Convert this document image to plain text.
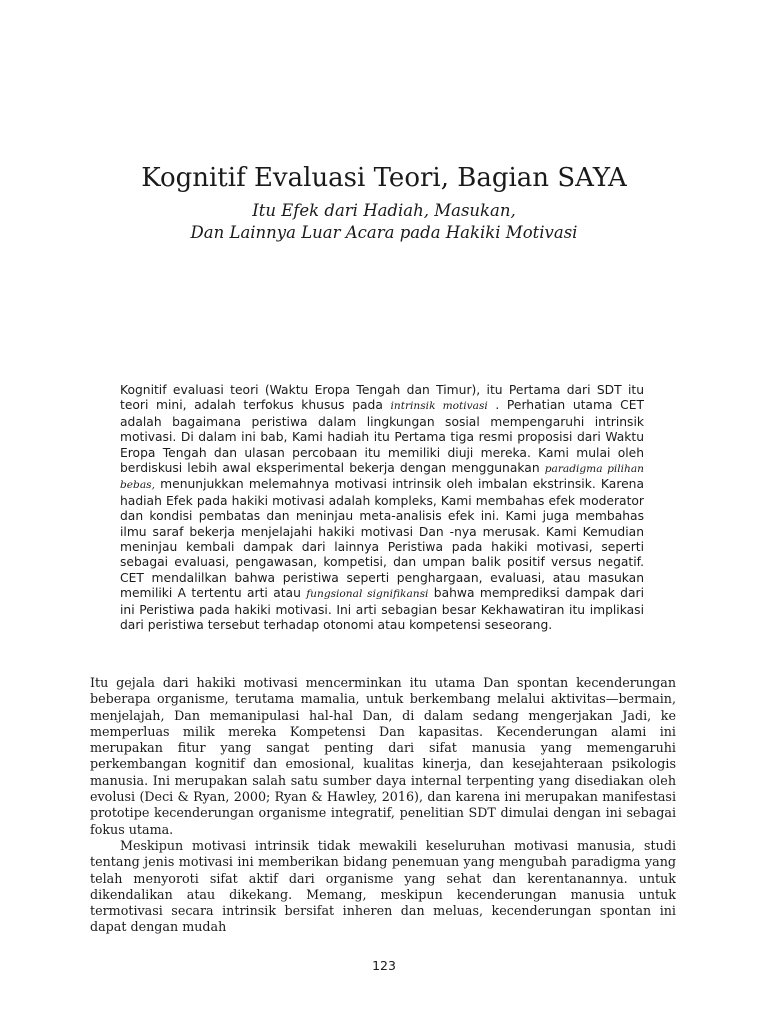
Kognitif Evaluasi Teori, Bagian SAYA
Itu Efek dari Hadiah, Masukan,
Dan Lainnya Luar Acara pada Hakiki Motivasi

Kognitif evaluasi teori (Waktu Eropa Tengah dan Timur), itu Pertama dari SDT itu teori mini, adalah terfokus khusus pada intrinsik motivasi . Perhatian utama CET adalah bagaimana peristiwa dalam lingkungan sosial mempengaruhi intrinsik motivasi. Di dalam ini bab, Kami hadiah itu Pertama tiga resmi proposisi dari Waktu Eropa Tengah dan ulasan percobaan itu memiliki diuji mereka. Kami mulai oleh berdiskusi lebih awal eksperimental bekerja dengan menggunakan paradigma pilihan bebas, menunjukkan melemahnya motivasi intrinsik oleh imbalan ekstrinsik. Karena hadiah Efek pada hakiki motivasi adalah kompleks, Kami membahas efek moderator dan kondisi pembatas dan meninjau meta-analisis efek ini. Kami juga membahas ilmu saraf bekerja menjelajahi hakiki motivasi Dan -nya merusak. Kami Kemudian meninjau kembali dampak dari lainnya Peristiwa pada hakiki motivasi, seperti sebagai evaluasi, pengawasan, kompetisi, dan umpan balik positif versus negatif. CET mendalilkan bahwa peristiwa seperti penghargaan, evaluasi, atau masukan memiliki A tertentu arti atau fungsional signifikansi bahwa memprediksi dampak dari ini Peristiwa pada hakiki motivasi. Ini arti sebagian besar Kekhawatiran itu implikasi dari peristiwa tersebut terhadap otonomi atau kompetensi seseorang.

Itu gejala dari hakiki motivasi mencerminkan itu utama Dan spontan kecenderungan beberapa organisme, terutama mamalia, untuk berkembang melalui aktivitas—bermain, menjelajah, Dan memanipulasi hal-hal Dan, di dalam sedang mengerjakan Jadi, ke memperluas milik mereka Kompetensi Dan kapasitas. Kecenderungan alami ini merupakan fitur yang sangat penting dari sifat manusia yang memengaruhi perkembangan kognitif dan emosional, kualitas kinerja, dan kesejahteraan psikologis manusia. Ini merupakan salah satu sumber daya internal terpenting yang disediakan oleh evolusi (Deci & Ryan, 2000; Ryan & Hawley, 2016), dan karena ini merupakan manifestasi prototipe kecenderungan organisme integratif, penelitian SDT dimulai dengan ini sebagai fokus utama.

Meskipun motivasi intrinsik tidak mewakili keseluruhan motivasi manusia, studi tentang jenis motivasi ini memberikan bidang penemuan yang mengubah paradigma yang telah menyoroti sifat aktif dari organisme yang sehat dan kerentanannya. untuk dikendalikan atau dikekang. Memang, meskipun kecenderungan manusia untuk termotivasi secara intrinsik bersifat inheren dan meluas, kecenderungan spontan ini dapat dengan mudah

123
